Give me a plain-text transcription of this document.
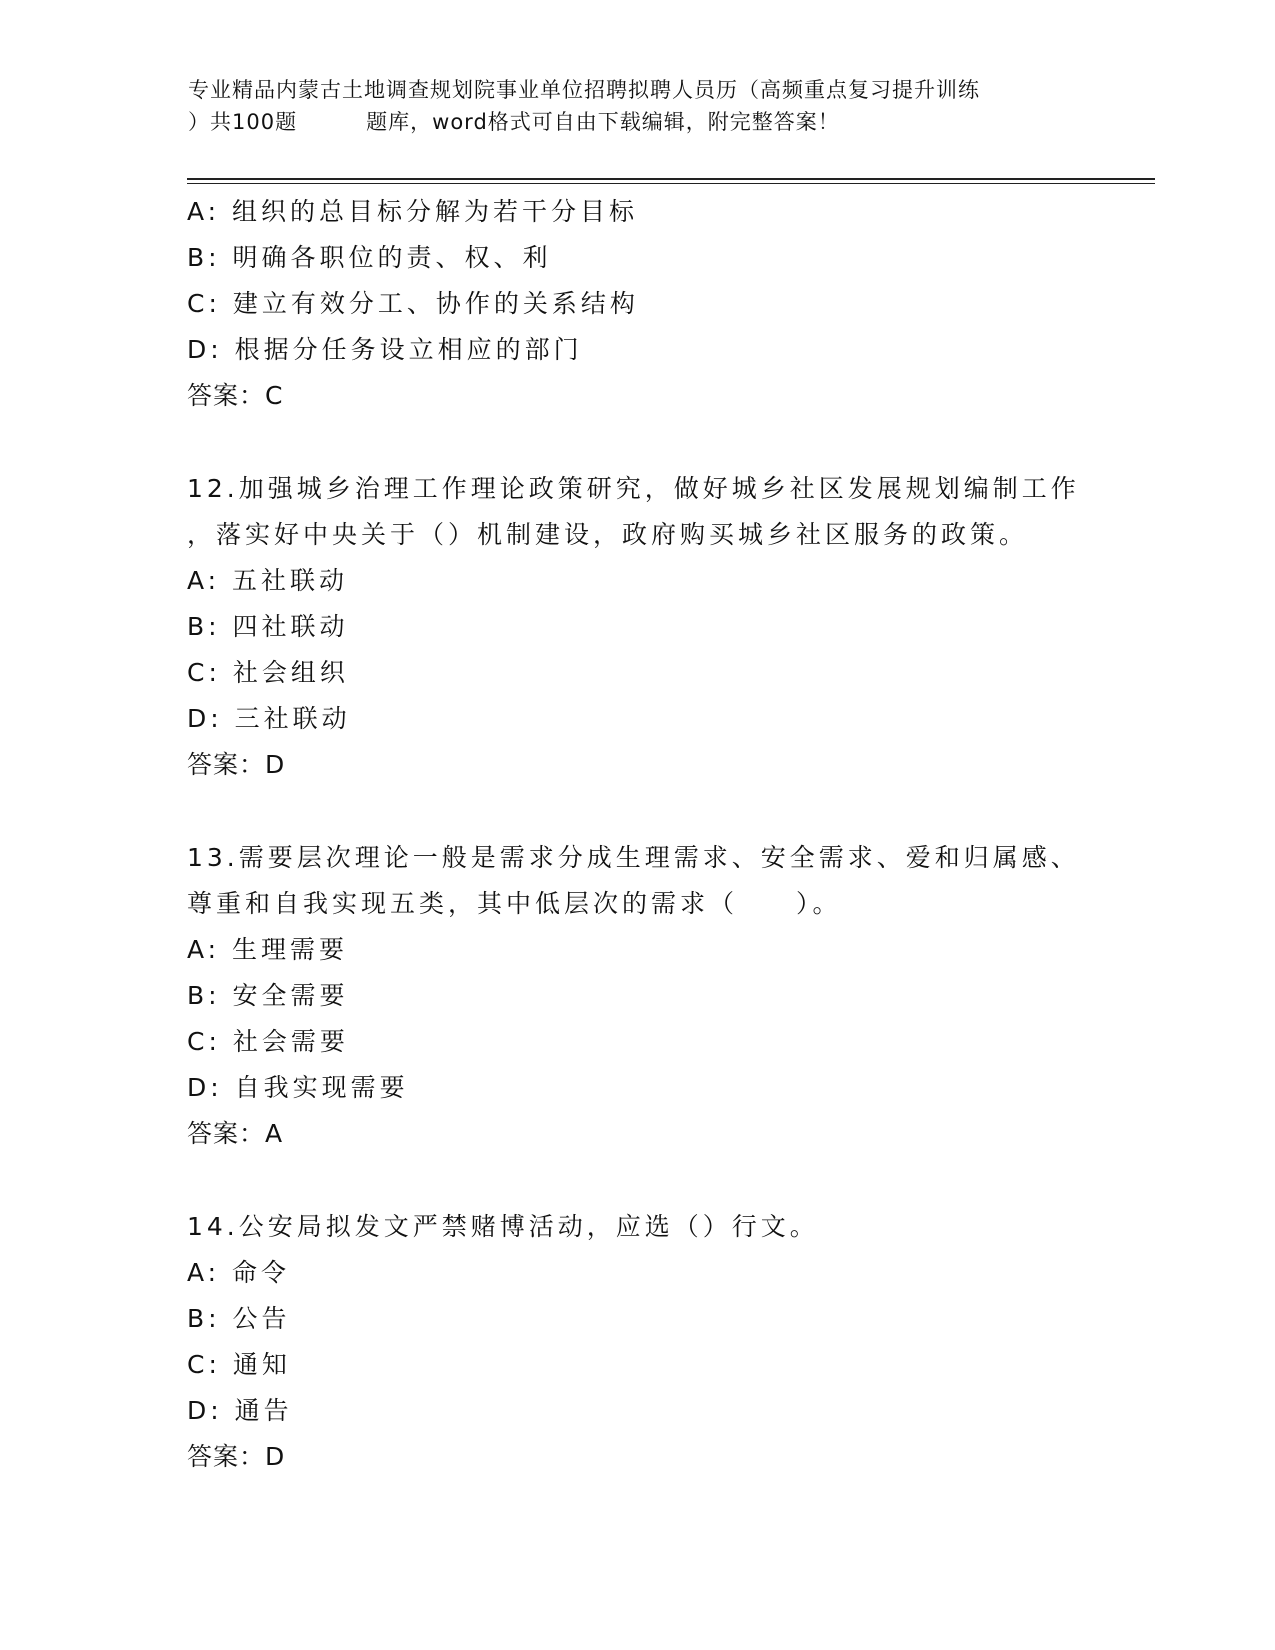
专业精品内蒙古土地调查规划院事业单位招聘拟聘人员历（高频重点复习提升训练
）共100题         题库，word格式可自由下载编辑，附完整答案！
A: 组织的总目标分解为若干分目标
B: 明确各职位的责、权、利
C: 建立有效分工、协作的关系结构
D: 根据分任务设立相应的部门
答案：C
12.加强城乡治理工作理论政策研究，做好城乡社区发展规划编制工作
，落实好中央关于（）机制建设，政府购买城乡社区服务的政策。
A: 五社联动
B: 四社联动
C: 社会组织
D: 三社联动
答案：D
13.需要层次理论一般是需求分成生理需求、安全需求、爱和归属感、
尊重和自我实现五类，其中低层次的需求（　　）。
A: 生理需要
B: 安全需要
C: 社会需要
D: 自我实现需要
答案：A
14.公安局拟发文严禁赌博活动，应选（）行文。
A: 命令
B: 公告
C: 通知
D: 通告
答案：D
